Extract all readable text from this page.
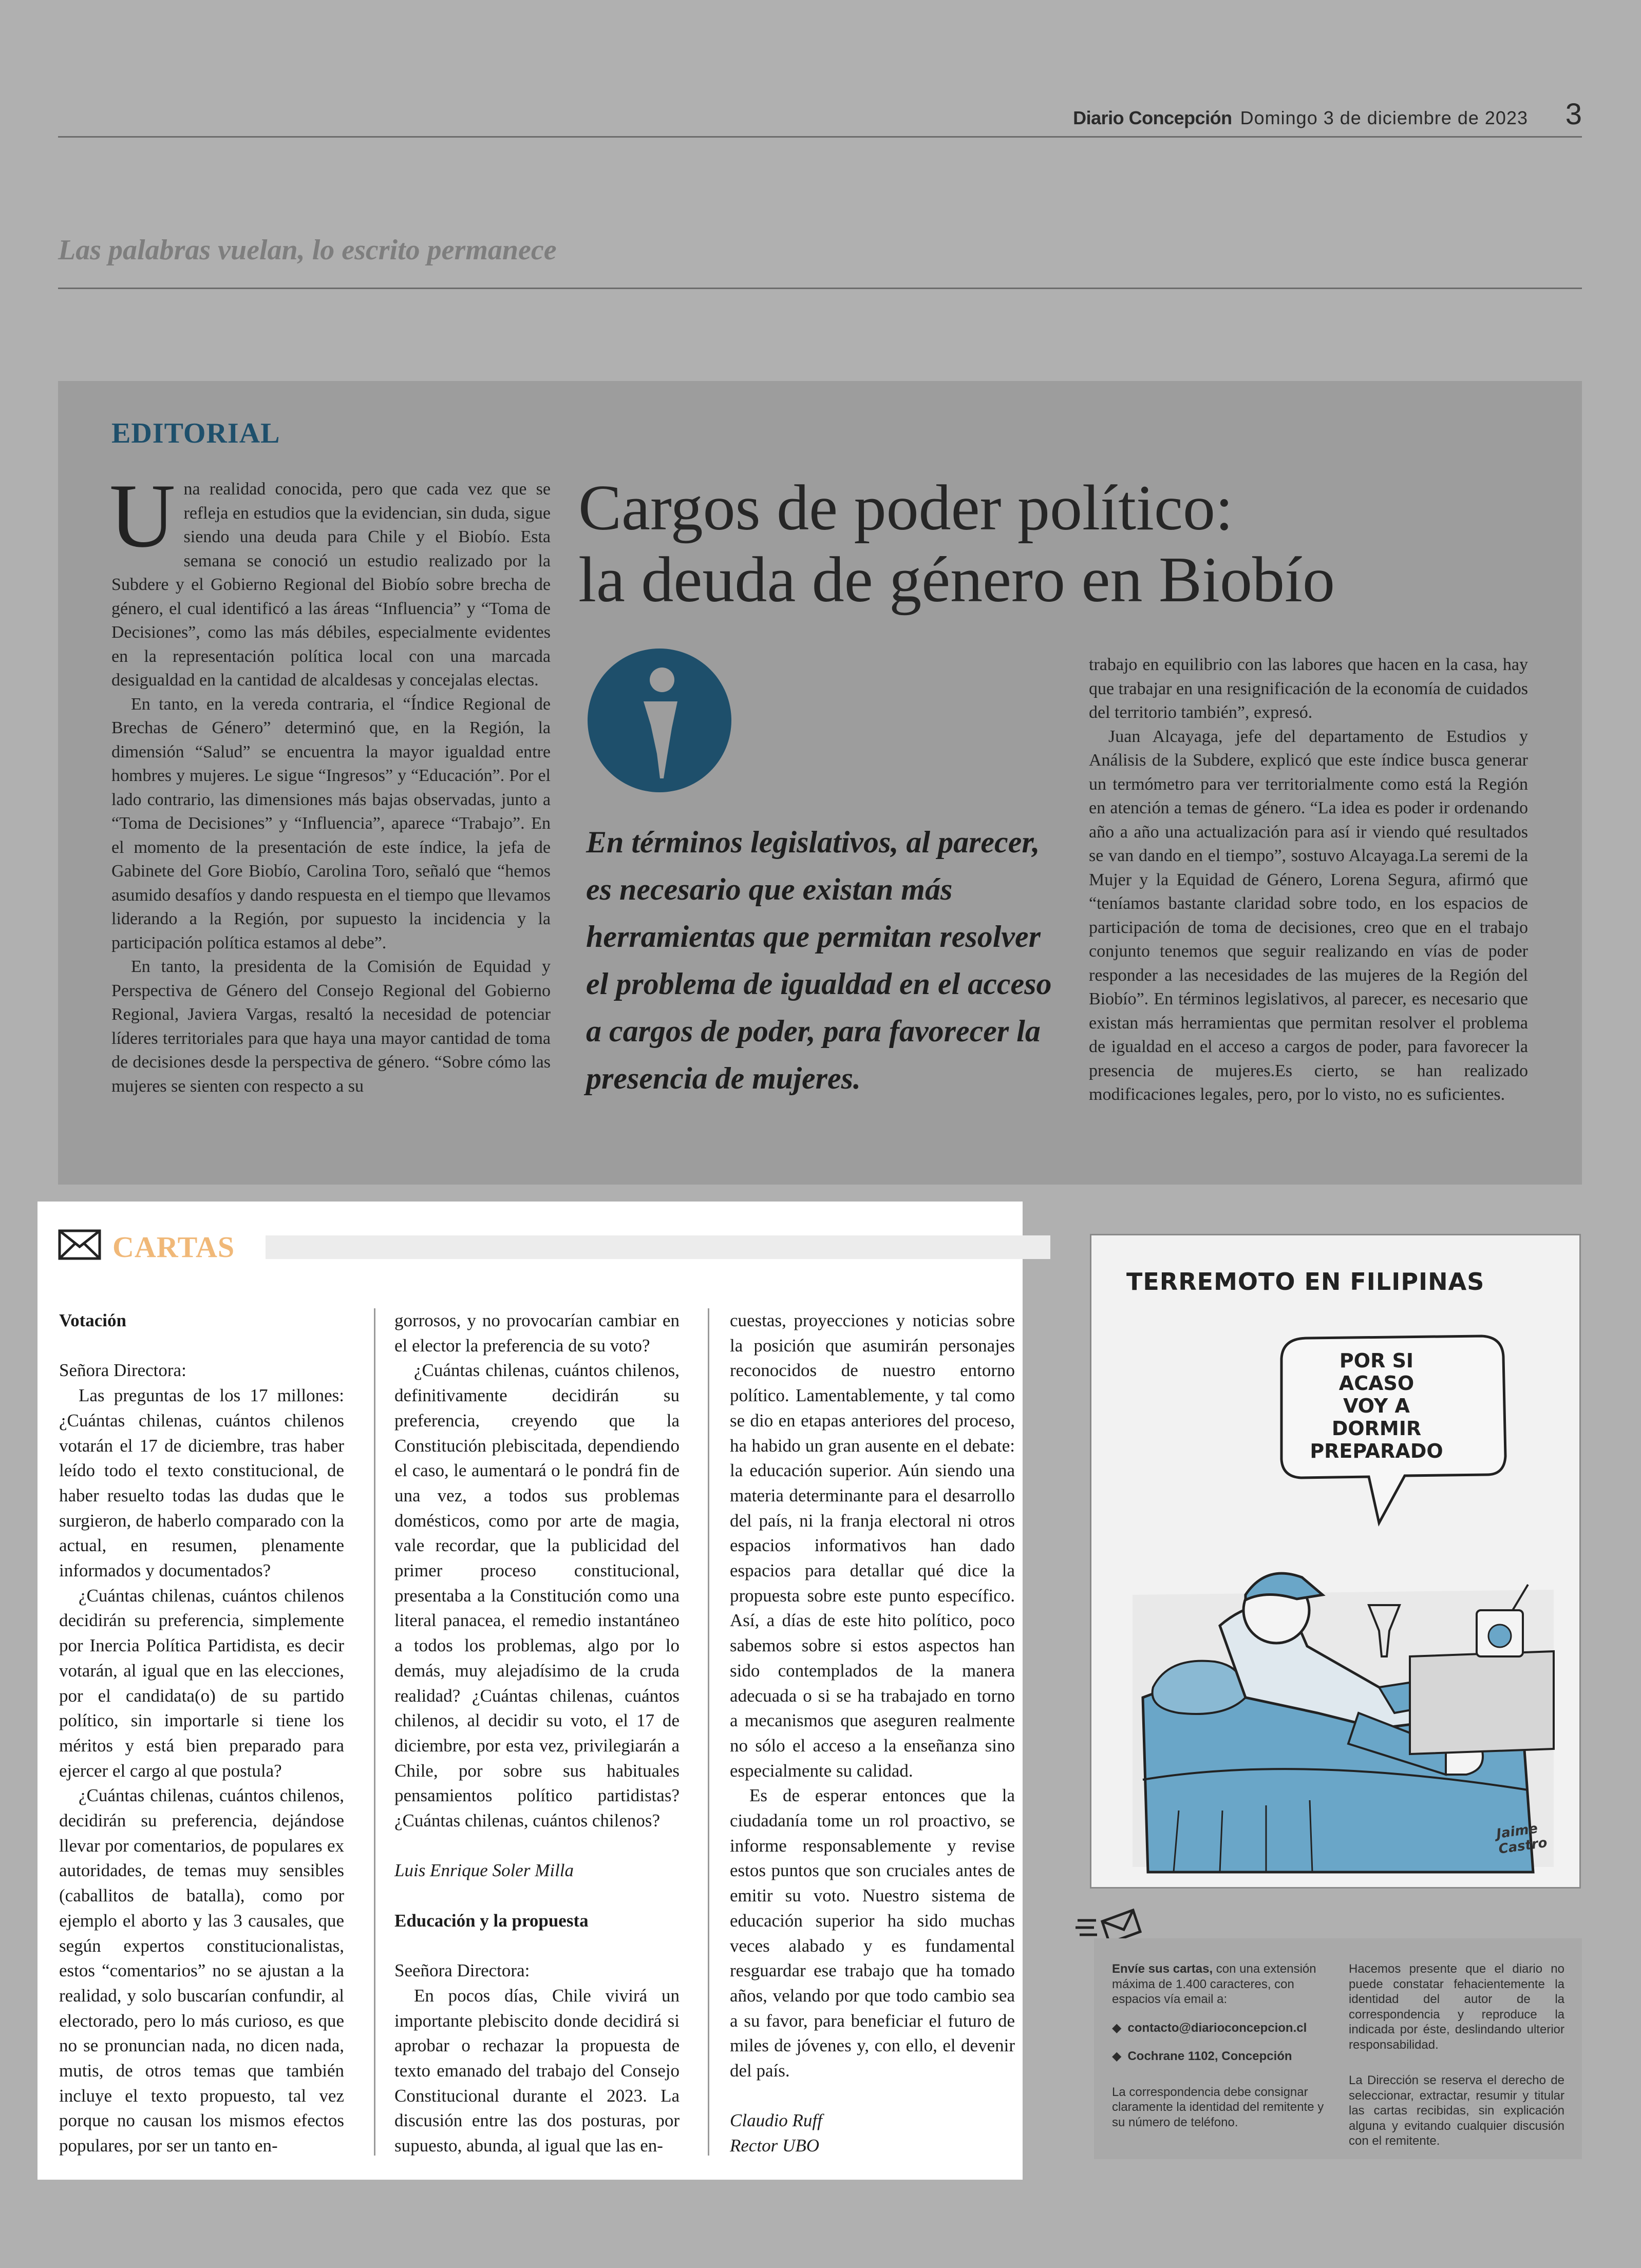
Diario Concepción Domingo 3 de diciembre de 2023 3
Las palabras vuelan, lo escrito permanece
EDITORIAL

Una realidad conocida, pero que cada vez que se refleja en estudios que la evidencian, sin duda, sigue siendo una deuda para Chile y el Biobío. Esta semana se conoció un estudio realizado por la Subdere y el Gobierno Regional del Biobío sobre brecha de género, el cual identificó a las áreas “Influencia” y “Toma de Decisiones”, como las más débiles, especialmente evidentes en la representación política local con una marcada desigualdad en la cantidad de alcaldesas y concejalas electas.

En tanto, en la vereda contraria, el “Índice Regional de Brechas de Género” determinó que, en la Región, la dimensión “Salud” se encuentra la mayor igualdad entre hombres y mujeres. Le sigue “Ingresos” y “Educación”. Por el lado contrario, las dimensiones más bajas observadas, junto a “Toma de Decisiones” y “Influencia”, aparece “Trabajo”. En el momento de la presentación de este índice, la jefa de Gabinete del Gore Biobío, Carolina Toro, señaló que “hemos asumido desafíos y dando respuesta en el tiempo que llevamos liderando a la Región, por supuesto la incidencia y la participación política estamos al debe”.

En tanto, la presidenta de la Comisión de Equidad y Perspectiva de Género del Consejo Regional del Gobierno Regional, Javiera Vargas, resaltó la necesidad de potenciar líderes territoriales para que haya una mayor cantidad de toma de decisiones desde la perspectiva de género. “Sobre cómo las mujeres se sienten con respecto a su

Cargos de poder político:
la deuda de género en Biobío
En términos legislativos, al parecer, es necesario que existan más herramientas que permitan resolver el problema de igualdad en el acceso a cargos de poder, para favorecer la presencia de mujeres.

trabajo en equilibrio con las labores que hacen en la casa, hay que trabajar en una resignificación de la economía de cuidados del territorio también”, expresó.

Juan Alcayaga, jefe del departamento de Estudios y Análisis de la Subdere, explicó que este índice busca generar un termómetro para ver territorialmente como está la Región en atención a temas de género. “La idea es poder ir ordenando año a año una actualización para así ir viendo qué resultados se van dando en el tiempo”, sostuvo Alcayaga.La seremi de la Mujer y la Equidad de Género, Lorena Segura, afirmó que “teníamos bastante claridad sobre todo, en los espacios de participación de toma de decisiones, creo que en el trabajo conjunto tenemos que seguir realizando en vías de poder responder a las necesidades de las mujeres de la Región del Biobío”. En términos legislativos, al parecer, es necesario que existan más herramientas que permitan resolver el problema de igualdad en el acceso a cargos de poder, para favorecer la presencia de mujeres.Es cierto, se han realizado modificaciones legales, pero, por lo visto, no es suficientes.

CARTAS

Votación

Señora Directora:

Las preguntas de los 17 millones: ¿Cuántas chilenas, cuántos chilenos votarán el 17 de diciembre, tras haber leído todo el texto constitucional, de haber resuelto todas las dudas que le surgieron, de haberlo comparado con la actual, en resumen, plenamente informados y documentados?

¿Cuántas chilenas, cuántos chilenos decidirán su preferencia, simplemente por Inercia Política Partidista, es decir votarán, al igual que en las elecciones, por el candidata(o) de su partido político, sin importarle si tiene los méritos y está bien preparado para ejercer el cargo al que postula?

¿Cuántas chilenas, cuántos chilenos, decidirán su preferencia, dejándose llevar por comentarios, de populares ex autoridades, de temas muy sensibles (caballitos de batalla), como por ejemplo el aborto y las 3 causales, que según expertos constitucionalistas, estos “comentarios” no se ajustan a la realidad, y solo buscarían confundir, al electorado, pero lo más curioso, es que no se pronuncian nada, no dicen nada, mutis, de otros temas que también incluye el texto propuesto, tal vez porque no causan los mismos efectos populares, por ser un tanto en-

gorrosos, y no provocarían cambiar en el elector la preferencia de su voto?

¿Cuántas chilenas, cuántos chilenos, definitivamente decidirán su preferencia, creyendo que la Constitución plebiscitada, dependiendo el caso, le aumentará o le pondrá fin de una vez, a todos sus problemas domésticos, como por arte de magia, vale recordar, que la publicidad del primer proceso constitucional, presentaba a la Constitución como una literal panacea, el remedio instantáneo a todos los problemas, algo por lo demás, muy alejadísimo de la cruda realidad? ¿Cuántas chilenas, cuántos chilenos, al decidir su voto, el 17 de diciembre, por esta vez, privilegiarán a Chile, por sobre sus habituales pensamientos político partidistas? ¿Cuántas chilenas, cuántos chilenos?

Luis Enrique Soler Milla

Educación y la propuesta

Seeñora Directora:

En pocos días, Chile vivirá un importante plebiscito donde decidirá si aprobar o rechazar la propuesta de texto emanado del trabajo del Consejo Constitucional durante el 2023. La discusión entre las dos posturas, por supuesto, abunda, al igual que las en-

cuestas, proyecciones y noticias sobre la posición que asumirán personajes reconocidos de nuestro entorno político. Lamentablemente, y tal como se dio en etapas anteriores del proceso, ha habido un gran ausente en el debate: la educación superior. Aún siendo una materia determinante para el desarrollo del país, ni la franja electoral ni otros espacios informativos han dado espacios para detallar qué dice la propuesta sobre este punto específico. Así, a días de este hito político, poco sabemos sobre si estos aspectos han sido contemplados de la manera adecuada o si se ha trabajado en torno a mecanismos que aseguren realmente no sólo el acceso a la enseñanza sino especialmente su calidad.

Es de esperar entonces que la ciudadanía tome un rol proactivo, se informe responsablemente y revise estos puntos que son cruciales antes de emitir su voto. Nuestro sistema de educación superior ha sido muchas veces alabado y es fundamental resguardar ese trabajo que ha tomado años, velando por que todo cambio sea a su favor, para beneficiar el futuro de miles de jóvenes y, con ello, el devenir del país.

Claudio Ruff

Rector UBO

TERREMOTO EN FILIPINAS
POR SI ACASO
VOY A DORMIR
PREPARADO
Jaime Castro

Envíe sus cartas, con una extensión máxima de 1.400 caracteres, con espacios vía email a:

◆ contacto@diarioconcepcion.cl

◆ Cochrane 1102, Concepción

La correspondencia debe consignar claramente la identidad del remitente y su número de teléfono.

Hacemos presente que el diario no puede constatar fehacientemente la identidad del autor de la correspondencia y reproduce la indicada por éste, deslindando ulterior responsabilidad.

La Dirección se reserva el derecho de seleccionar, extractar, resumir y titular las cartas recibidas, sin explicación alguna y evitando cualquier discusión con el remitente.
